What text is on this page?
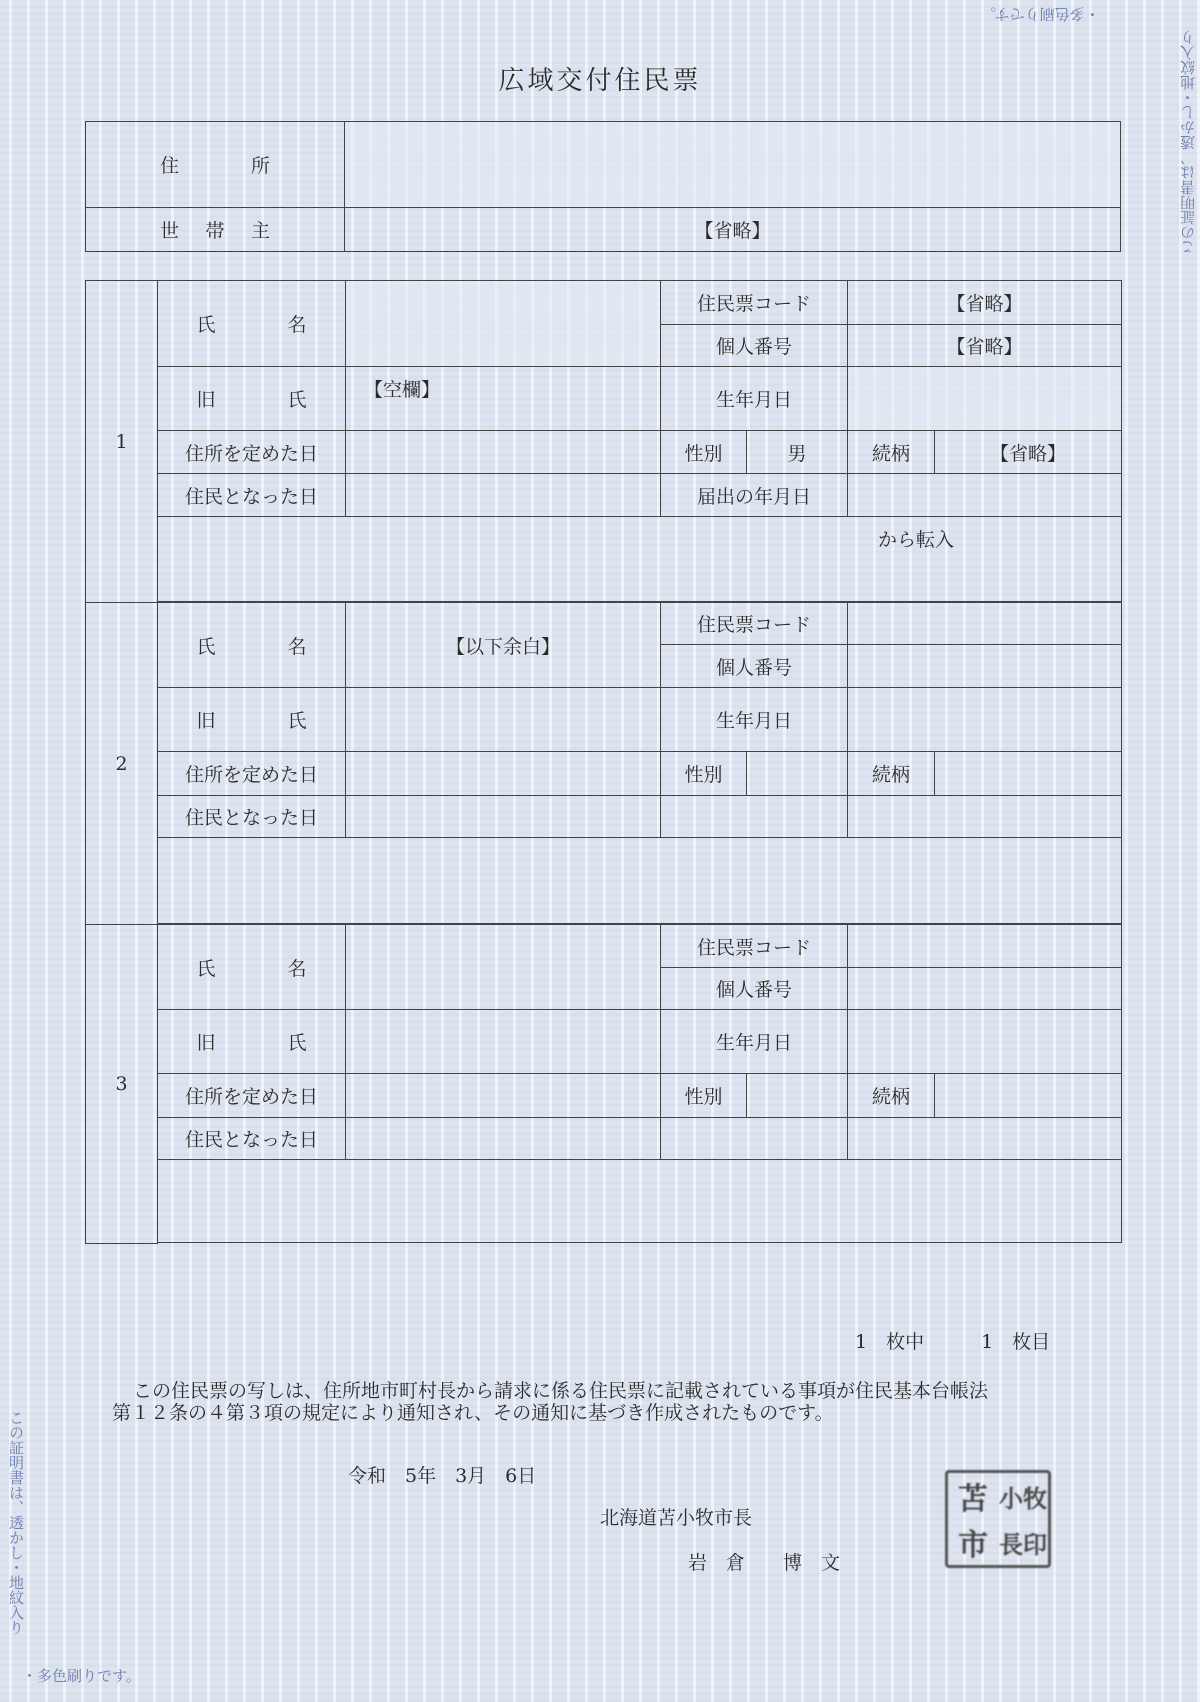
この証明書は、透かし・地紋入り
・多色刷りです。
この証明書は、透かし・地紋入り
・多色刷りです。
広域交付住民票
住　所	
世　帯　主	【省略】
1	氏　名		住民票コード		【省略】	
			個人番号		【省略】	
	旧　氏	【空欄】	生年月日			
	住所を定めた日		性別	男	続柄	【省略】
	住民となった日		届出の年月日			
	から転入					

2	氏　名	【以下余白】	住民票コード			
			個人番号			
	旧　氏		生年月日			
	住所を定めた日		性別		続柄	
	住民となった日					

3	氏　名		住民票コード			
			個人番号			
	旧　氏		生年月日			
	住所を定めた日		性別		続柄	
	住民となった日					

1　枚中　　　1　枚目
この住民票の写しは、住所地市町村長から請求に係る住民票に記載されている事項が住民基本台帳法
第１２条の４第３項の規定により通知され、その通知に基づき作成されたものです。
令和　5年　3月　6日
北海道苫小牧市長
岩　倉　　博　文
苫 小牧
市 長印
